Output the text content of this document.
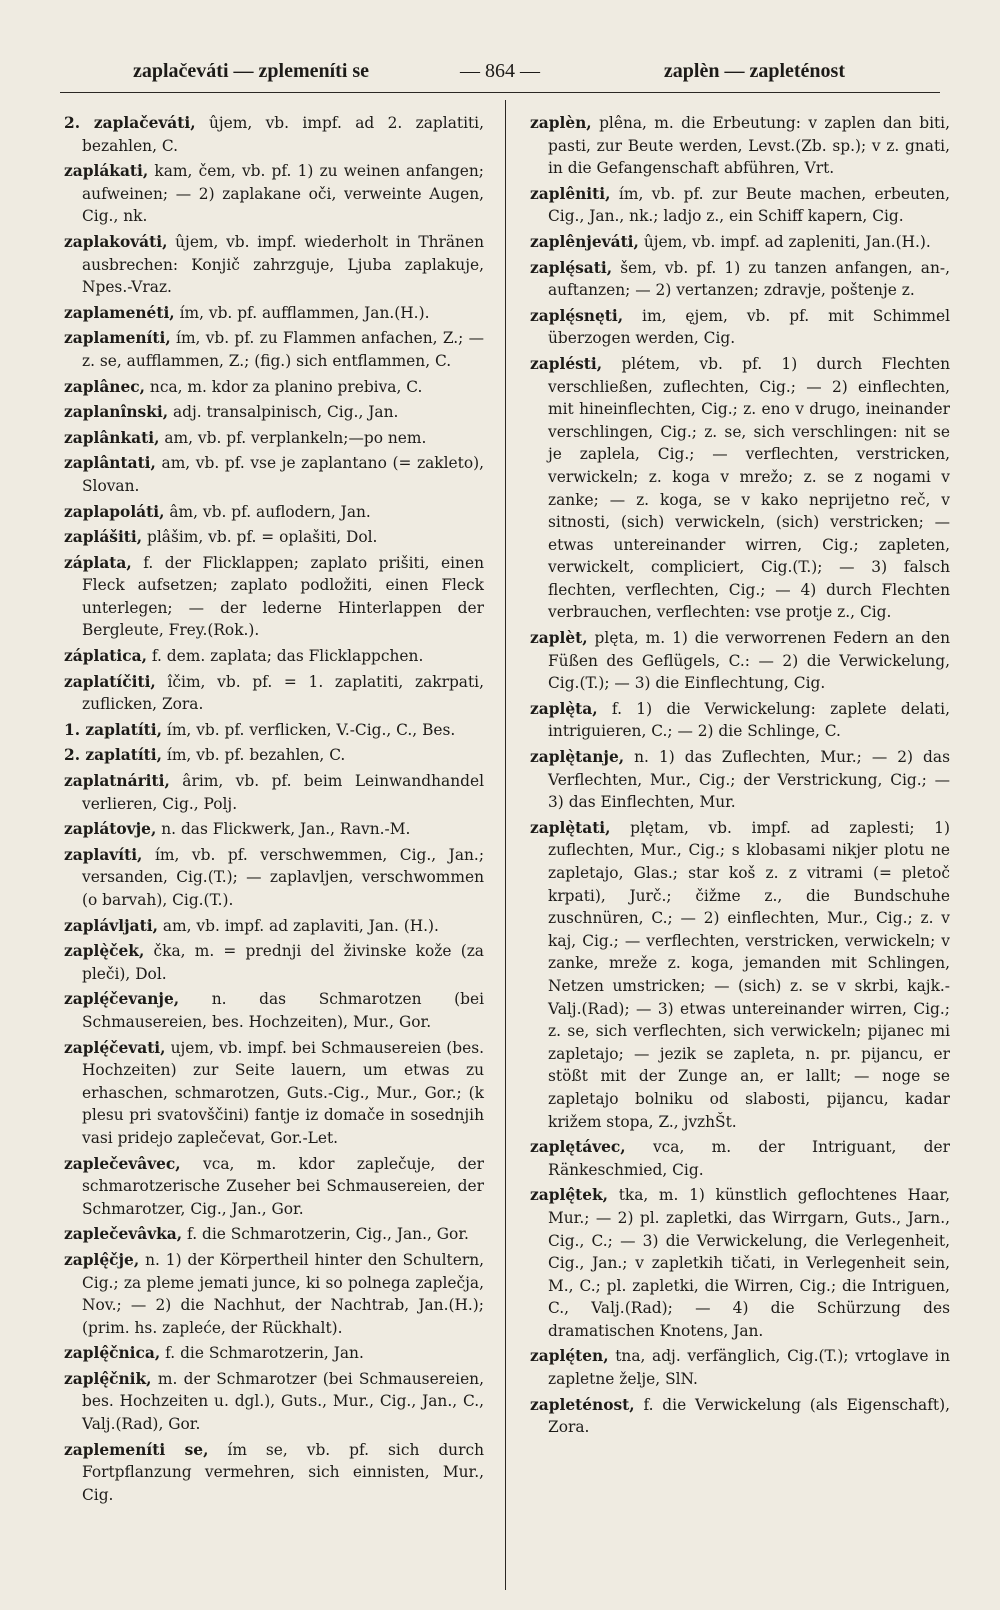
— 864 —
zaplačeváti — zplemeníti se	zaplèn — zapleténost

2. zaplačeváti, ûjem, vb. impf. ad 2. zaplatiti, bezahlen, C.

zaplákati, kam, čem, vb. pf. 1) zu weinen anfangen; aufweinen; — 2) zaplakane oči, verweinte Augen, Cig., nk.

zaplakováti, ûjem, vb. impf. wiederholt in Thränen ausbrechen: Konjič zahrzguje, Ljuba zaplakuje, Npes.-Vraz.

zaplamenéti, ím, vb. pf. aufflammen, Jan.(H.).

zaplameníti, ím, vb. pf. zu Flammen anfachen, Z.; — z. se, aufflammen, Z.; (fig.) sich entflammen, C.

zaplânec, nca, m. kdor za planino prebiva, C.

zaplanînski, adj. transalpinisch, Cig., Jan.

zaplânkati, am, vb. pf. verplankeln;—po nem.

zaplântati, am, vb. pf. vse je zaplantano (= zakleto), Slovan.

zaplapoláti, âm, vb. pf. auflodern, Jan.

zaplášiti, plâšim, vb. pf. = oplašiti, Dol.

záplata, f. der Flicklappen; zaplato prišiti, einen Fleck aufsetzen; zaplato podložiti, einen Fleck unterlegen; — der lederne Hinterlappen der Bergleute, Frey.(Rok.).

záplatica, f. dem. zaplata; das Flicklappchen.

zaplatíčiti, îčim, vb. pf. = 1. zaplatiti, zakrpati, zuflicken, Zora.

1. zaplatíti, ím, vb. pf. verflicken, V.-Cig., C., Bes.

2. zaplatíti, ím, vb. pf. bezahlen, C.

zaplatnáriti, ârim, vb. pf. beim Leinwandhandel verlieren, Cig., Polj.

zaplátovje, n. das Flickwerk, Jan., Ravn.-M.

zaplavíti, ím, vb. pf. verschwemmen, Cig., Jan.; versanden, Cig.(T.); — zaplavljen, verschwommen (o barvah), Cig.(T.).

zaplávljati, am, vb. impf. ad zaplaviti, Jan. (H.).

zaplę̀ček, čka, m. = prednji del živinske kože (za pleči), Dol.

zaplę́čevanje, n. das Schmarotzen (bei Schmausereien, bes. Hochzeiten), Mur., Gor.

zaplę́čevati, ujem, vb. impf. bei Schmausereien (bes. Hochzeiten) zur Seite lauern, um etwas zu erhaschen, schmarotzen, Guts.-Cig., Mur., Gor.; (k plesu pri svatovščini) fantje iz domače in sosednjih vasi pridejo zaplečevat, Gor.-Let.

zaplečevâvec, vca, m. kdor zaplečuje, der schmarotzerische Zuseher bei Schmausereien, der Schmarotzer, Cig., Jan., Gor.

zaplečevâvka, f. die Schmarotzerin, Cig., Jan., Gor.

zaplę̂čje, n. 1) der Körpertheil hinter den Schultern, Cig.; za pleme jemati junce, ki so polnega zaplečja, Nov.; — 2) die Nachhut, der Nachtrab, Jan.(H.); (prim. hs. zapleće, der Rückhalt).

zaplę̂čnica, f. die Schmarotzerin, Jan.

zaplę̂čnik, m. der Schmarotzer (bei Schmausereien, bes. Hochzeiten u. dgl.), Guts., Mur., Cig., Jan., C., Valj.(Rad), Gor.

zaplemeníti se, ím se, vb. pf. sich durch Fortpflanzung vermehren, sich einnisten, Mur., Cig.

zaplèn, plêna, m. die Erbeutung: v zaplen dan biti, pasti, zur Beute werden, Levst.(Zb. sp.); v z. gnati, in die Gefangenschaft abführen, Vrt.

zaplêniti, ím, vb. pf. zur Beute machen, erbeuten, Cig., Jan., nk.; ladjo z., ein Schiff kapern, Cig.

zaplênjeváti, ûjem, vb. impf. ad zapleniti, Jan.(H.).

zaplę́sati, šem, vb. pf. 1) zu tanzen anfangen, an-, auftanzen; — 2) vertanzen; zdravje, poštenje z.

zaplę́snęti, im, ęjem, vb. pf. mit Schimmel überzogen werden, Cig.

zaplésti, plétem, vb. pf. 1) durch Flechten verschließen, zuflechten, Cig.; — 2) einflechten, mit hineinflechten, Cig.; z. eno v drugo, ineinander verschlingen, Cig.; z. se, sich verschlingen: nit se je zaplela, Cig.; — verflechten, verstricken, verwickeln; z. koga v mrežo; z. se z nogami v zanke; — z. koga, se v kako neprijetno reč, v sitnosti, (sich) verwickeln, (sich) verstricken; — etwas untereinander wirren, Cig.; zapleten, verwickelt, compliciert, Cig.(T.); — 3) falsch flechten, verflechten, Cig.; — 4) durch Flechten verbrauchen, verflechten: vse protje z., Cig.

zaplèt, plęta, m. 1) die verworrenen Federn an den Füßen des Geflügels, C.: — 2) die Verwickelung, Cig.(T.); — 3) die Einflechtung, Cig.

zaplę̀ta, f. 1) die Verwickelung: zaplete delati, intriguieren, C.; — 2) die Schlinge, C.

zaplę̀tanje, n. 1) das Zuflechten, Mur.; — 2) das Verflechten, Mur., Cig.; der Verstrickung, Cig.; — 3) das Einflechten, Mur.

zaplę̀tati, plętam, vb. impf. ad zaplesti; 1) zuflechten, Mur., Cig.; s klobasami nikjer plotu ne zapletajo, Glas.; star koš z. z vitrami (= pletoč krpati), Jurč.; čižme z., die Bundschuhe zuschnüren, C.; — 2) einflechten, Mur., Cig.; z. v kaj, Cig.; — verflechten, verstricken, verwickeln; v zanke, mreže z. koga, jemanden mit Schlingen, Netzen umstricken; — (sich) z. se v skrbi, kajk.-Valj.(Rad); — 3) etwas untereinander wirren, Cig.; z. se, sich verflechten, sich verwickeln; pijanec mi zapletajo; — jezik se zapleta, n. pr. pijancu, er stößt mit der Zunge an, er lallt; — noge se zapletajo bolniku od slabosti, pijancu, kadar križem stopa, Z., jvzhŠt.

zaplętávec, vca, m. der Intriguant, der Ränkeschmied, Cig.

zaplę̂tek, tka, m. 1) künstlich geflochtenes Haar, Mur.; — 2) pl. zapletki, das Wirrgarn, Guts., Jarn., Cig., C.; — 3) die Verwickelung, die Verlegenheit, Cig., Jan.; v zapletkih tičati, in Verlegenheit sein, M., C.; pl. zapletki, die Wirren, Cig.; die Intriguen, C., Valj.(Rad); — 4) die Schürzung des dramatischen Knotens, Jan.

zaplę́ten, tna, adj. verfänglich, Cig.(T.); vrtoglave in zapletne želje, SlN.

zapleténost, f. die Verwickelung (als Eigenschaft), Zora.
